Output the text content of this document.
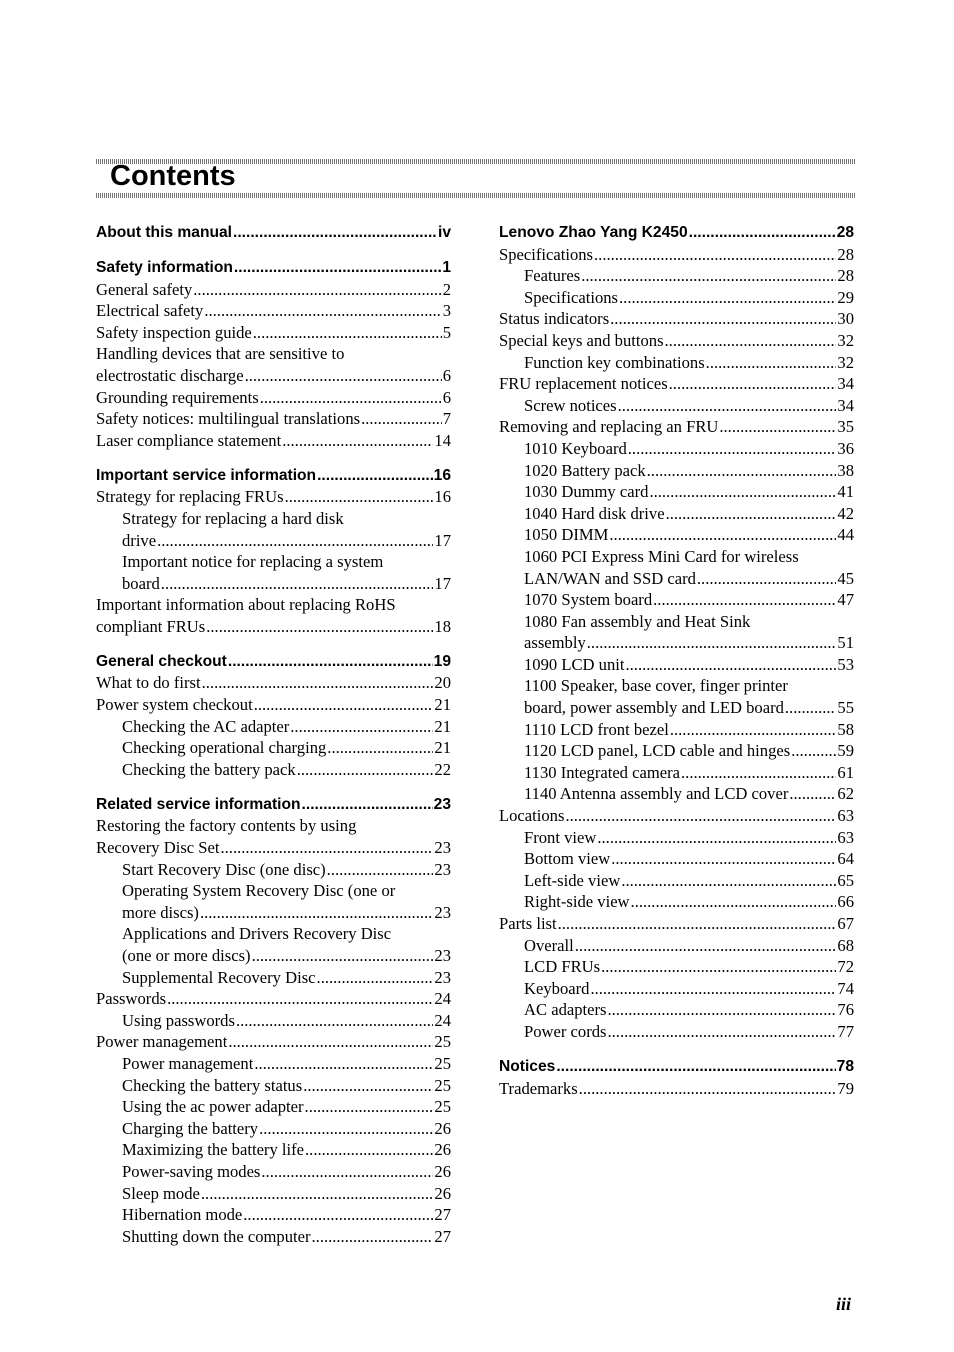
Contents
About this manual .....	iv
Safety information .....	1
General safety .....	2
Electrical safety .....	3
Safety inspection guide .....	5
Handling devices that are sensitive to
electrostatic discharge .....	6
Grounding requirements .....	6
Safety notices: multilingual translations .....	7
Laser compliance statement .....	14
Important service information .....	16
Strategy for replacing FRUs .....	16
Strategy for replacing a hard disk
drive .....	17
Important notice for replacing a system
board .....	17
Important information about replacing RoHS
compliant FRUs .....	18
General checkout .....	19
What to do first .....	20
Power system checkout .....	21
Checking the AC adapter .....	21
Checking operational charging .....	21
Checking the battery pack .....	22
Related service information .....	23
Restoring the factory contents by using
Recovery Disc Set .....	23
Start Recovery Disc (one disc) .....	23
Operating System Recovery Disc (one or
more discs) .....	23
Applications and Drivers Recovery Disc
(one or more discs) .....	23
Supplemental Recovery Disc .....	23
Passwords .....	24
Using passwords .....	24
Power management .....	25
Power management .....	25
Checking the battery status .....	25
Using the ac power adapter .....	25
Charging the battery .....	26
Maximizing the battery life .....	26
Power-saving modes .....	26
Sleep mode .....	26
Hibernation mode .....	27
Shutting down the computer .....	27
Lenovo Zhao Yang K2450 .....	28
Specifications .....	28
Features .....	28
Specifications .....	29
Status indicators .....	30
Special keys and buttons .....	32
Function key combinations .....	32
FRU replacement notices .....	34
Screw notices .....	34
Removing and replacing an FRU .....	35
1010 Keyboard .....	36
1020 Battery pack .....	38
1030 Dummy card .....	41
1040 Hard disk drive .....	42
1050 DIMM .....	44
1060 PCI Express Mini Card for wireless
LAN/WAN and SSD card .....	45
1070 System board .....	47
1080 Fan assembly and Heat Sink
assembly .....	51
1090 LCD unit .....	53
1100 Speaker, base cover, finger printer
board, power assembly and LED board .....	55
1110 LCD front bezel .....	58
1120 LCD panel, LCD cable and hinges .....	59
1130 Integrated camera .....	61
1140 Antenna assembly and LCD cover .....	62
Locations .....	63
Front view .....	63
Bottom view .....	64
Left-side view .....	65
Right-side view .....	66
Parts list .....	67
Overall .....	68
LCD FRUs .....	72
Keyboard .....	74
AC adapters .....	76
Power cords .....	77
Notices .....	78
Trademarks .....	79
iii
